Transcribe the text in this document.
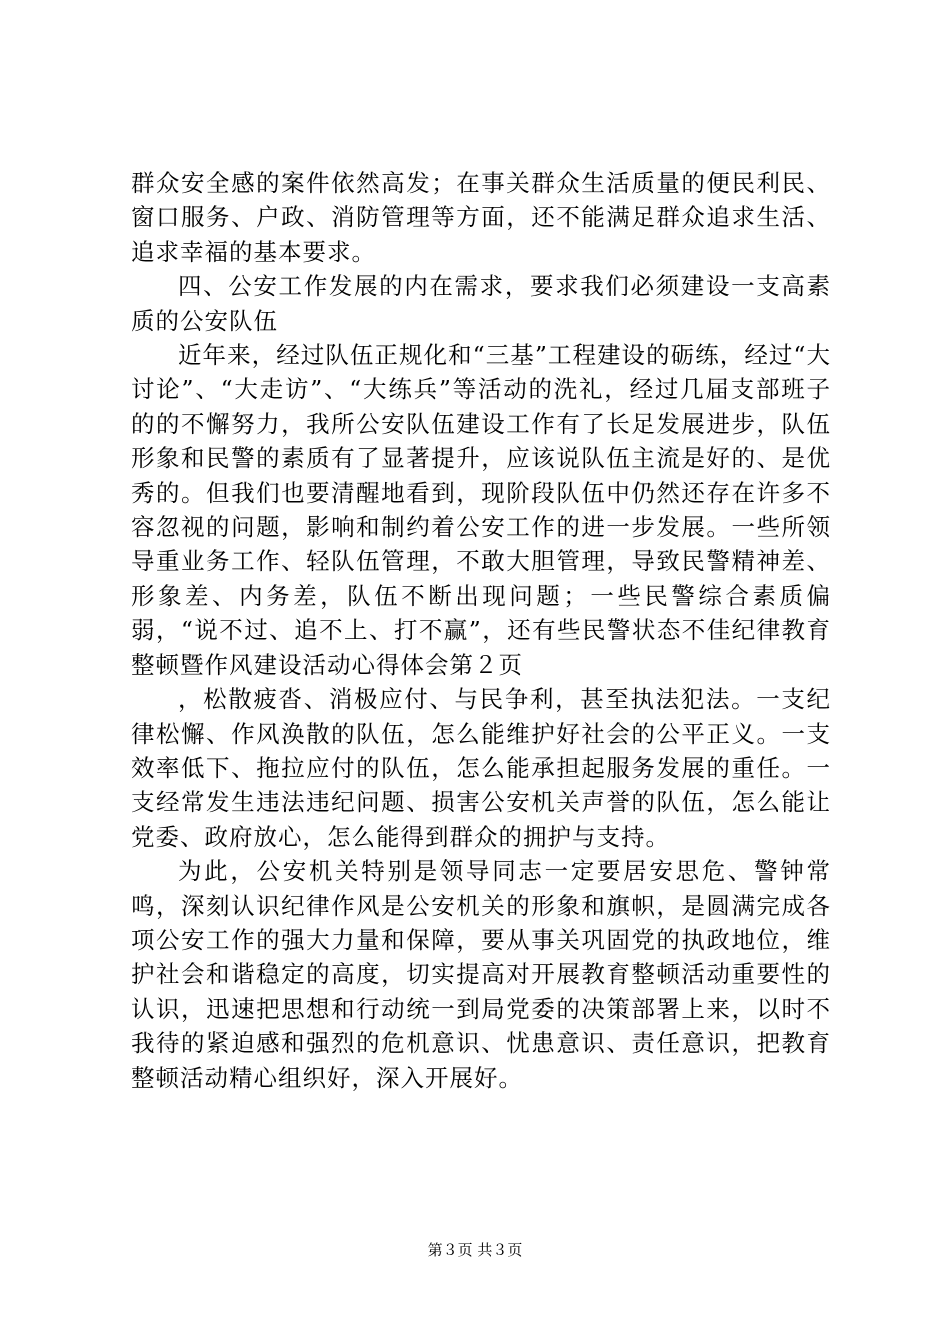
群众安全感的案件依然高发；在事关群众生活质量的便民利民、窗口服务、户政、消防管理等方面，还不能满足群众追求生活、追求幸福的基本要求。

四、公安工作发展的内在需求，要求我们必须建设一支高素质的公安队伍

近年来，经过队伍正规化和“三基”工程建设的砺练，经过“大讨论”、“大走访”、“大练兵”等活动的洗礼，经过几届支部班子的的不懈努力，我所公安队伍建设工作有了长足发展进步，队伍形象和民警的素质有了显著提升，应该说队伍主流是好的、是优秀的。但我们也要清醒地看到，现阶段队伍中仍然还存在许多不容忽视的问题，影响和制约着公安工作的进一步发展。一些所领导重业务工作、轻队伍管理，不敢大胆管理，导致民警精神差、形象差、内务差，队伍不断出现问题；一些民警综合素质偏弱，“说不过、追不上、打不赢”，还有些民警状态不佳纪律教育整顿暨作风建设活动心得体会第２页

，松散疲沓、消极应付、与民争利，甚至执法犯法。一支纪律松懈、作风涣散的队伍，怎么能维护好社会的公平正义。一支效率低下、拖拉应付的队伍，怎么能承担起服务发展的重任。一支经常发生违法违纪问题、损害公安机关声誉的队伍，怎么能让党委、政府放心，怎么能得到群众的拥护与支持。

为此，公安机关特别是领导同志一定要居安思危、警钟常鸣，深刻认识纪律作风是公安机关的形象和旗帜，是圆满完成各项公安工作的强大力量和保障，要从事关巩固党的执政地位，维护社会和谐稳定的高度，切实提高对开展教育整顿活动重要性的认识，迅速把思想和行动统一到局党委的决策部署上来，以时不我待的紧迫感和强烈的危机意识、忧患意识、责任意识，把教育整顿活动精心组织好，深入开展好。

第３页 共３页
